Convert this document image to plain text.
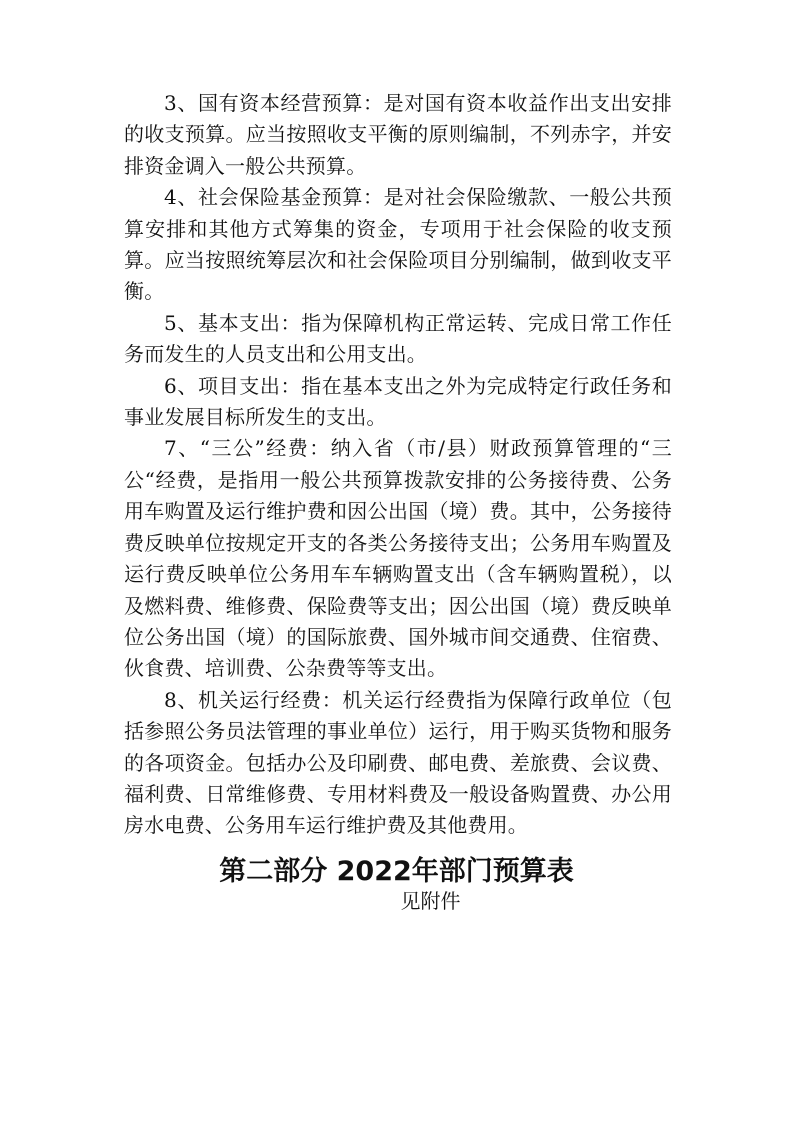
3、国有资本经营预算：是对国有资本收益作出支出安排的收支预算。应当按照收支平衡的原则编制，不列赤字，并安排资金调入一般公共预算。

4、社会保险基金预算：是对社会保险缴款、一般公共预算安排和其他方式筹集的资金，专项用于社会保险的收支预算。应当按照统筹层次和社会保险项目分别编制，做到收支平衡。

5、基本支出：指为保障机构正常运转、完成日常工作任务而发生的人员支出和公用支出。

6、项目支出：指在基本支出之外为完成特定行政任务和事业发展目标所发生的支出。

7、“三公”经费：纳入省（市/县）财政预算管理的“三公“经费，是指用一般公共预算拨款安排的公务接待费、公务用车购置及运行维护费和因公出国（境）费。其中，公务接待费反映单位按规定开支的各类公务接待支出；公务用车购置及运行费反映单位公务用车车辆购置支出（含车辆购置税），以及燃料费、维修费、保险费等支出；因公出国（境）费反映单位公务出国（境）的国际旅费、国外城市间交通费、住宿费、伙食费、培训费、公杂费等等支出。

8、机关运行经费：机关运行经费指为保障行政单位（包括参照公务员法管理的事业单位）运行，用于购买货物和服务的各项资金。包括办公及印刷费、邮电费、差旅费、会议费、福利费、日常维修费、专用材料费及一般设备购置费、办公用房水电费、公务用车运行维护费及其他费用。

第二部分 2022年部门预算表

见附件
